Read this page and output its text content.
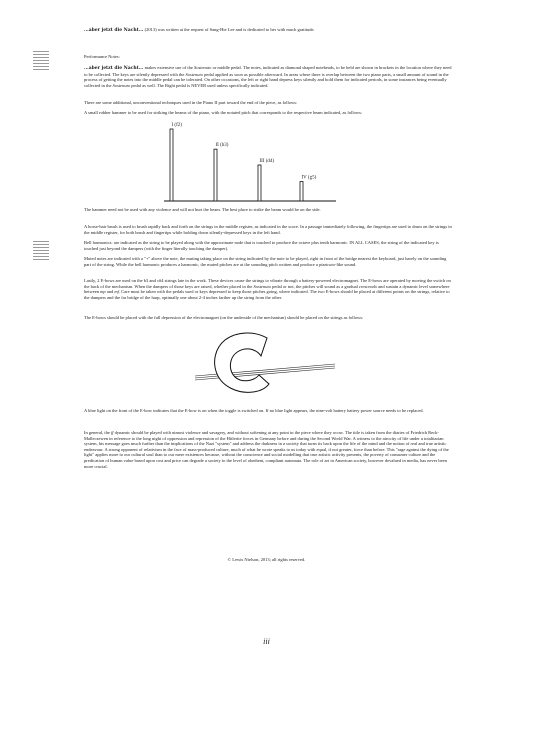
...aber jetzt die Nacht... (2013) was written at the request of Sang-Hie Lee and is dedicated to her with much gratitude.

Performance Notes:

...aber jetzt die Nacht... makes extensive use of the Sostenuto or middle pedal. The notes, indicated as diamond shaped noteheads, to be held are shown in brackets in the location where they need to be collected. The keys are silently depressed with the Sostenuto pedal applied as soon as possible afterward. In areas where there is overlap between the two piano parts, a small amount of sound in the process of getting the notes into the middle pedal can be tolerated. On other occasions, the left or right hand depress keys silently and hold them for indicated periods, in some instances being eventually collected in the Sostenuto pedal as well. The Right pedal is NEVER used unless specifically indicated.

There are some additional, unconventional techniques used in the Piano II part toward the end of the piece, as follows:

A small rubber hammer to be used for striking the beams of the piano, with the notated pitch that corresponds to the respective beam indicated, as follows:

I (f2)
II (b3)
III (d4)
IV (g5)

The hammer need not be used with any violence and will not hurt the beam. The best place to strike the beam would be on the side.

A horse-hair brush is used to brush rapidly back and forth on the strings in the middle register, as indicated in the score. In a passage immediately following, the fingertips are used to drum on the strings in the middle register, for both brush and fingertips while holding down silently-depressed keys in the left hand.

Bell harmonics: are indicated as the string to be played along with the approximate node that is touched to produce the octave plus tenth harmonic. IN ALL CASES, the string of the indicated key is touched just beyond the dampers (with the finger literally touching the damper).

Muted notes are indicated with a "+" above the note, the muting taking place on the string indicated by the note to be played, right in front of the bridge nearest the keyboard, just barely on the sounding part of the string. While the bell harmonic produces a harmonic, the muted pitches are at the sounding pitch written and produce a pizzicato-like sound.

Lastly, 2 E-bows are used on the b3 and c#4 strings late in the work. These devices cause the strings to vibrate through a battery-powered electromagnet. The E-bows are operated by moving the switch on the back of the mechanism. When the dampers of those keys are raised, whether placed in the Sostenuto pedal or not, the pitches will sound as a gradual crescendo and sustain a dynamic level somewhere between mp and mf. Care must be taken with the pedals used or keys depressed to keep those pitches going, where indicated. The two E-bows should be placed at different points on the strings, relative to the dampers and the far bridge of the harp, optimally one about 2-4 inches farther up the string from the other.

The E-bows should be placed with the full depression of the electromagnet (on the underside of the mechanism) should be placed on the strings as follows:

A blue light on the front of the E-bow indicates that the E-bow is on when the toggle is switched on. If no blue light appears, the nine-volt battery battery power source needs to be replaced.

In general, the ff dynamic should be played with utmost violence and savagery, and without softening at any point in the piece where they occur. The title is taken from the diaries of Friedrich Reck-Malleczewen in reference to the long night of oppression and repression of the Hitlerite forces in Germany before and during the Second World War. A witness to the atrocity of life under a totalitarian system, his message goes much further than the implications of the Nazi "system" and address the darkness in a society that turns its back upon the life of the mind and the notion of real and true artistic endeavour. A strong opponent of relativism in the face of mass-produced culture, much of what he wrote speaks to us today with equal, if not greater, force than before. This "rage against the dying of the light" applies more to our cultural soul than to our mere existences because, without the conscience and social modelling that true artistic activity presents, the poverty of consumer culture and the predication of human value based upon cost and price can degrade a society to the level of obedient, compliant automata. The role of art in American society, however devalued in media, has never been more crucial.

© Lewis Nielson, 2013; all rights reserved.
iii
